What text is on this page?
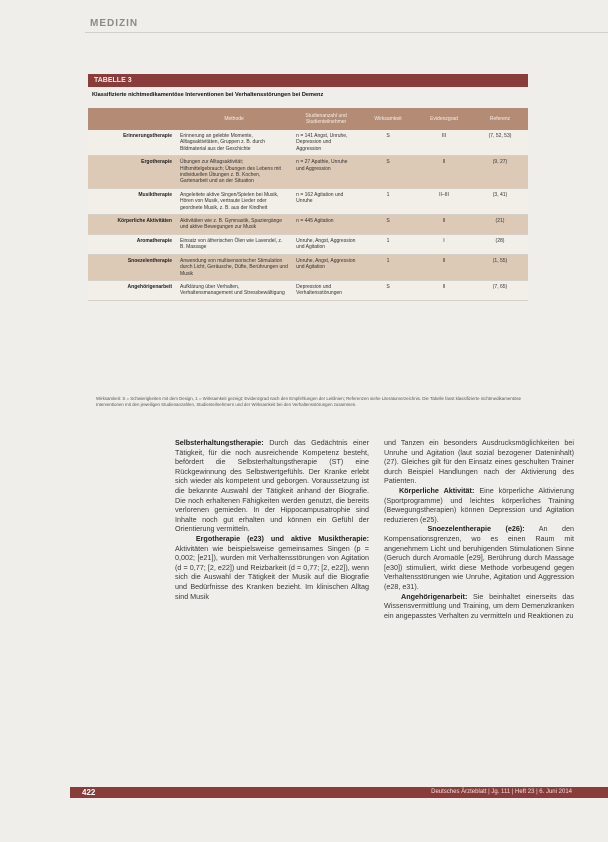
MEDIZIN
TABELLE 3
Klassifizierte nichtmedikamentöse Interventionen bei Verhaltensstörungen bei Demenz
	Methode	Studienanzahl und Studienteilnehmer	Wirksamkeit	Evidenzgrad	Referenz
Erinnerungstherapie	Erinnerung an gelebte Momente, Alltagsaktivitäten, Gruppen z. B. durch Bildmaterial aus der Geschichte	n = 141 Angst, Unruhe, Depression und Aggression	S	III	(7, 52, 53)
Ergotherapie	Übungen zur Alltagsaktivität; Hilfsmittelgebrauch; Übungen des Lebens mit individuellen Übungen z. B. Kochen, Gartenarbeit und an der Situation	n = 27 Apathie, Unruhe und Aggression	S	II	(9, 27)
Musiktherapie	Angeleitete aktive Singen/Spielen bei Musik, Hören von Musik, vertraute Lieder oder geordnete Musik, z. B. aus der Kindheit	n = 162 Agitation und Unruhe	1	II–III	(3, 41)
Körperliche Aktivitäten	Aktivitäten wie z. B. Gymnastik, Spaziergänge und aktive Bewegungen zur Musik	n = 445 Agitation	S	II	(21)
Aromatherapie	Einsatz von ätherischen Ölen wie Lavendel, z. B. Massage	Unruhe, Angst, Aggression und Agitation	1	I	(28)
Snoezelentherapie	Anwendung von multisensorischer Stimulation durch Licht, Geräusche, Düfte, Berührungen und Musik	Unruhe, Angst, Aggression und Agitation	1	II	(1, 55)
Angehörigenarbeit	Aufklärung über Verhalten, Verhaltensmanagement und Stressbewältigung	Depression und Verhaltensstörungen	S	II	(7, 65)
Wirksamkeit: S = Schwierigkeiten mit dem Design, 1 = Wirksamkeit gezeigt; Evidenzgrad nach den Empfehlungen der Leitlinien; Referenzen siehe Literaturverzeichnis. Die Tabelle fasst klassifizierte nichtmedikamentöse Interventionen mit den jeweiligen Studienanzahlen, Studienteilnehmern und der Wirksamkeit bei den Verhaltensstörungen zusammen.

Selbsterhaltungstherapie: Durch das Gedächtnis einer Tätigkeit, für die noch ausreichende Kompetenz besteht, befördert die Selbsterhaltungstherapie (ST) eine Rückgewinnung des Selbstwertgefühls. Der Kranke erlebt sich wieder als kompetent und geborgen. Voraussetzung ist die bekannte Auswahl der Tätigkeit anhand der Biografie. Die noch erhaltenen Fähigkeiten werden genutzt, die bereits verlorenen gemieden. In der Hippocampusatrophie sind Inhalte noch gut erhalten und können ein Gefühl der Orientierung vermitteln.

Ergotherapie (e23) und aktive Musiktherapie: Aktivitäten wie beispielsweise gemeinsames Singen (p = 0,002; [e21]), wurden mit Verhaltensstörungen von Agitation (d = 0,77; [2, e22]) und Reizbarkeit (d = 0,77; [2, e22]), wenn sich die Auswahl der Tätigkeit der Musik auf die Biografie und Bedürfnisse des Kranken bezieht. Im klinischen Alltag sind Musik

und Tanzen ein besonders Ausdrucksmöglichkeiten bei Unruhe und Agitation (laut sozial bezogener Dateninhalt) (27). Gleiches gilt für den Einsatz eines geschulten Trainer durch Beispiel Handlungen nach der Aktivierung des Patienten.

Körperliche Aktivität: Eine körperliche Aktivierung (Sportprogramme) und leichtes körperliches Training (Bewegungstherapien) können Depression und Agitation reduzieren (e25).

Snoezelentherapie (e26): An den Kompensationsgrenzen, wo es einen Raum mit angenehmem Licht und beruhigenden Stimulationen Sinne (Geruch durch Aromaöle [e29], Berührung durch Massage [e30]) stimuliert, wirkt diese Methode vorbeugend gegen Verhaltensstörungen wie Unruhe, Agitation und Aggression (e28, e31).

Angehörigenarbeit: Sie beinhaltet einerseits das Wissensvermittlung und Training, um dem Demenzkranken ein angepasstes Verhalten zu vermitteln und Reaktionen zu

422	Deutsches Ärzteblatt | Jg. 111 | Heft 23 | 6. Juni 2014
